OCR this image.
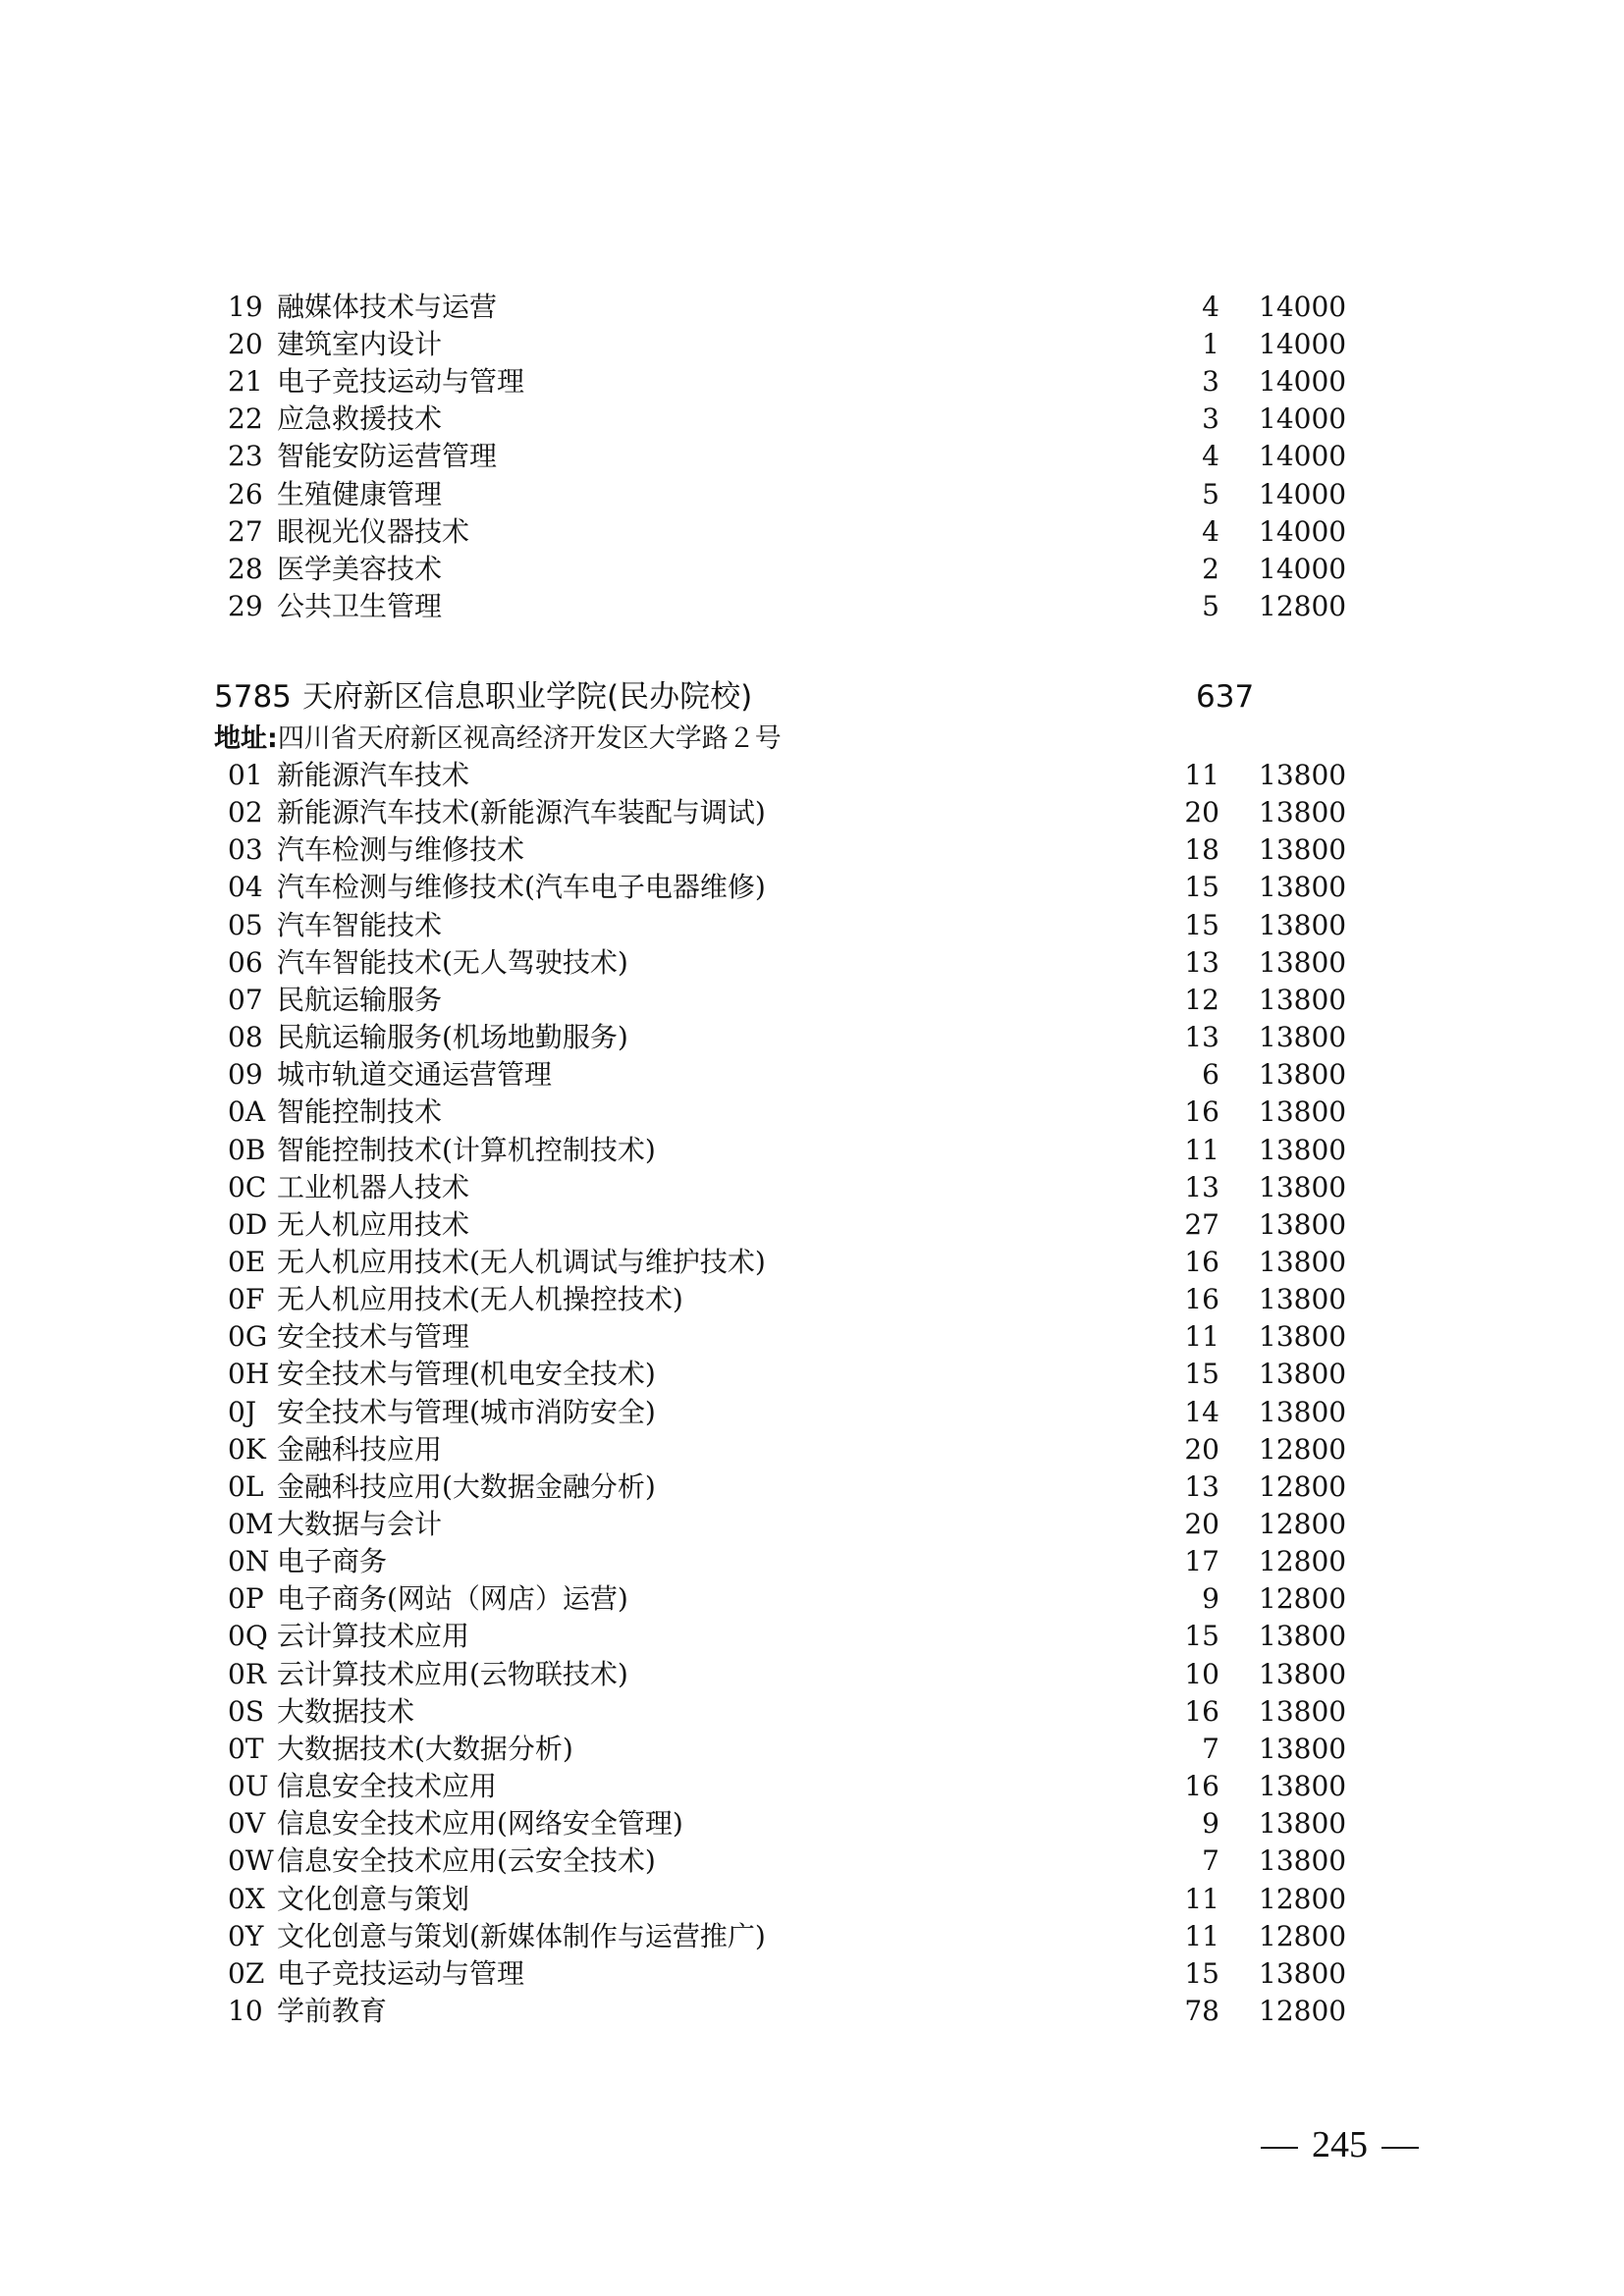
19 融媒体技术与运营	4 14000
20 建筑室内设计	1 14000
21 电子竞技运动与管理	3 14000
22 应急救援技术	3 14000
23 智能安防运营管理	4 14000
26 生殖健康管理	5 14000
27 眼视光仪器技术	4 14000
28 医学美容技术	2 14000
29 公共卫生管理	5 12800
5785 天府新区信息职业学院(民办院校)	637
地址:四川省天府新区视高经济开发区大学路２号
01 新能源汽车技术	11 13800
02 新能源汽车技术(新能源汽车装配与调试)	20 13800
03 汽车检测与维修技术	18 13800
04 汽车检测与维修技术(汽车电子电器维修)	15 13800
05 汽车智能技术	15 13800
06 汽车智能技术(无人驾驶技术)	13 13800
07 民航运输服务	12 13800
08 民航运输服务(机场地勤服务)	13 13800
09 城市轨道交通运营管理	6 13800
0A 智能控制技术	16 13800
0B 智能控制技术(计算机控制技术)	11 13800
0C 工业机器人技术	13 13800
0D 无人机应用技术	27 13800
0E 无人机应用技术(无人机调试与维护技术)	16 13800
0F 无人机应用技术(无人机操控技术)	16 13800
0G 安全技术与管理	11 13800
0H 安全技术与管理(机电安全技术)	15 13800
0J 安全技术与管理(城市消防安全)	14 13800
0K 金融科技应用	20 12800
0L 金融科技应用(大数据金融分析)	13 12800
0M 大数据与会计	20 12800
0N 电子商务	17 12800
0P 电子商务(网站（网店）运营)	9 12800
0Q 云计算技术应用	15 13800
0R 云计算技术应用(云物联技术)	10 13800
0S 大数据技术	16 13800
0T 大数据技术(大数据分析)	7 13800
0U 信息安全技术应用	16 13800
0V 信息安全技术应用(网络安全管理)	9 13800
0W 信息安全技术应用(云安全技术)	7 13800
0X 文化创意与策划	11 12800
0Y 文化创意与策划(新媒体制作与运营推广)	11 12800
0Z 电子竞技运动与管理	15 13800
10 学前教育	78 12800
245
